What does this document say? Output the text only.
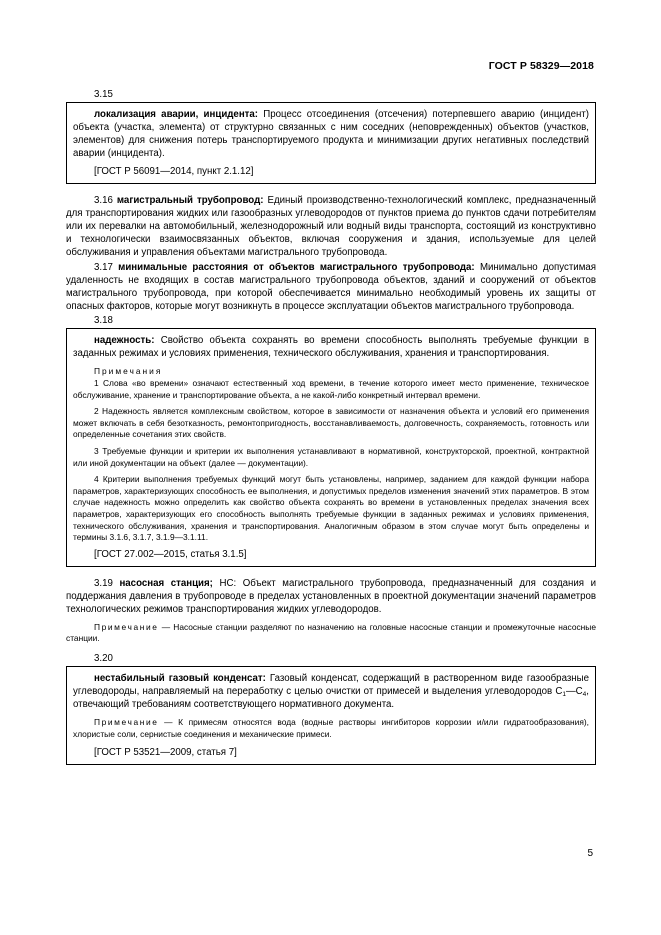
ГОСТ Р 58329—2018
3.15

локализация аварии, инцидента: Процесс отсоединения (отсечения) потерпевшего аварию (инцидент) объекта (участка, элемента) от структурно связанных с ним соседних (неповрежденных) объектов (участков, элементов) для снижения потерь транспортируемого продукта и минимизации других негативных последствий аварии (инцидента).

[ГОСТ Р 56091—2014, пункт 2.1.12]

3.16 магистральный трубопровод: Единый производственно-технологический комплекс, предназначенный для транспортирования жидких или газообразных углеводородов от пунктов приема до пунктов сдачи потребителям или их перевалки на автомобильный, железнодорожный или водный виды транспорта, состоящий из конструктивно и технологически взаимосвязанных объектов, включая сооружения и здания, используемые для целей обслуживания и управления объектами магистрального трубопровода.

3.17 минимальные расстояния от объектов магистрального трубопровода: Минимально допустимая удаленность не входящих в состав магистрального трубопровода объектов, зданий и сооружений от объектов магистрального трубопровода, при которой обеспечивается минимально необходимый уровень их защиты от опасных факторов, которые могут возникнуть в процессе эксплуатации объектов магистрального трубопровода.

3.18

надежность: Свойство объекта сохранять во времени способность выполнять требуемые функции в заданных режимах и условиях применения, технического обслуживания, хранения и транспортирования.

Примечания

1 Слова «во времени» означают естественный ход времени, в течение которого имеет место применение, техническое обслуживание, хранение и транспортирование объекта, а не какой-либо конкретный интервал времени.

2 Надежность является комплексным свойством, которое в зависимости от назначения объекта и условий его применения может включать в себя безотказность, ремонтопригодность, восстанавливаемость, долговечность, сохраняемость, готовность или определенные сочетания этих свойств.

3 Требуемые функции и критерии их выполнения устанавливают в нормативной, конструкторской, проектной, контрактной или иной документации на объект (далее — документации).

4 Критерии выполнения требуемых функций могут быть установлены, например, заданием для каждой функции набора параметров, характеризующих способность ее выполнения, и допустимых пределов изменения значений этих параметров. В этом случае надежность можно определить как свойство объекта сохранять во времени в установленных пределах значения всех параметров, характеризующих его способность выполнять требуемые функции в заданных режимах и условиях применения, технического обслуживания, хранения и транспортирования. Аналогичным образом в этом случае могут быть определены и термины 3.1.6, 3.1.7, 3.1.9—3.1.11.

[ГОСТ 27.002—2015, статья 3.1.5]

3.19 насосная станция; НС: Объект магистрального трубопровода, предназначенный для создания и поддержания давления в трубопроводе в пределах установленных в проектной документации значений параметров технологических режимов транспортирования жидких углеводородов.

Примечание — Насосные станции разделяют по назначению на головные насосные станции и промежуточные насосные станции.

3.20

нестабильный газовый конденсат: Газовый конденсат, содержащий в растворенном виде газообразные углеводороды, направляемый на переработку с целью очистки от примесей и выделения углеводородов $С_1—С_4$, отвечающий требованиям соответствующего нормативного документа.

Примечание — К примесям относятся вода (водные растворы ингибиторов коррозии и/или гидратообразования), хлористые соли, сернистые соединения и механические примеси.

[ГОСТ Р 53521—2009, статья 7]
5
